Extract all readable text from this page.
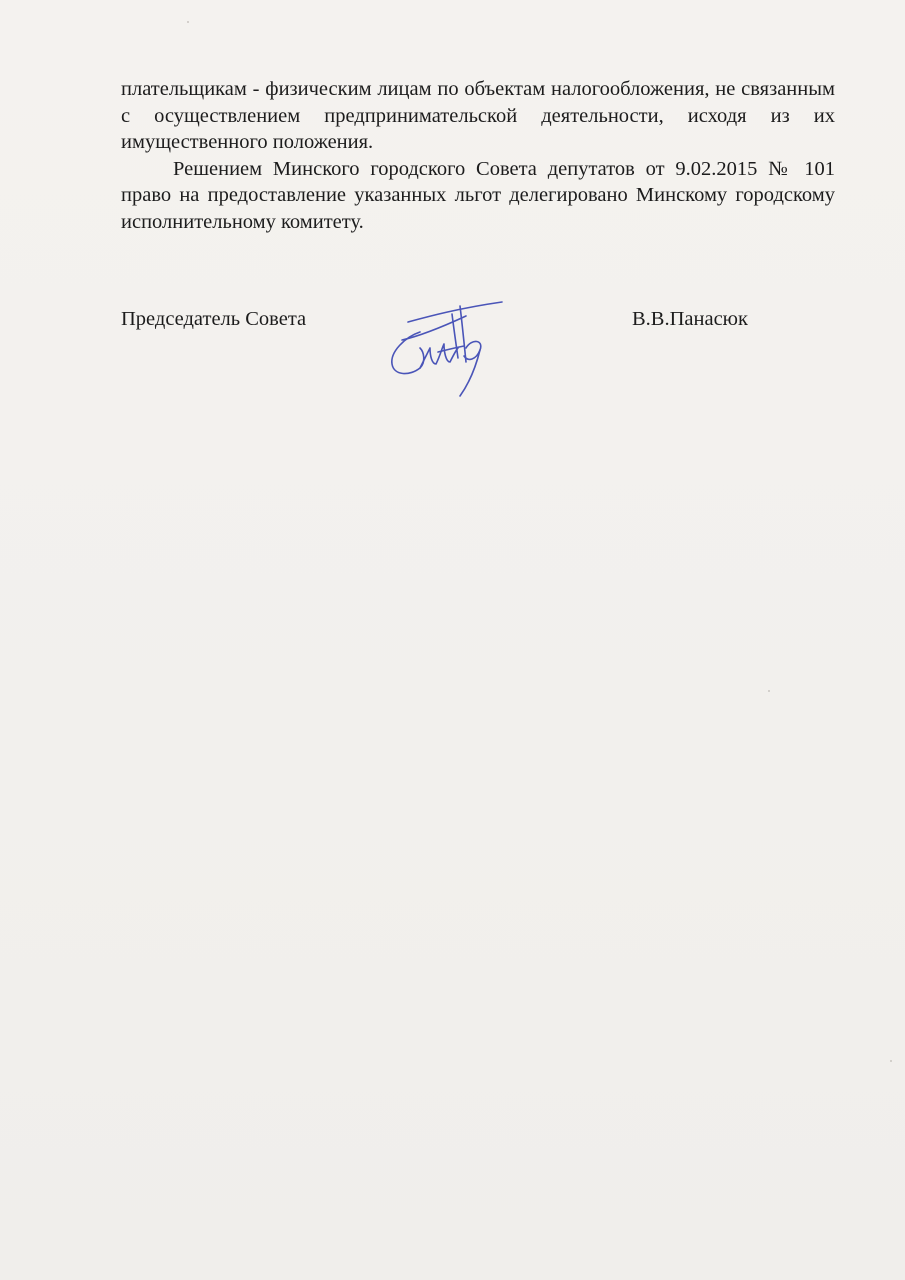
плательщикам - физическим лицам по объектам налогообложения, не связанным с осуществлением предпринимательской деятельности, исходя из их имущественного положения.

Решением Минского городского Совета депутатов от 9.02.2015 № 101 право на предоставление указанных льгот делегировано Минскому городскому исполнительному комитету.

Председатель Совета	В.В.Панасюк
